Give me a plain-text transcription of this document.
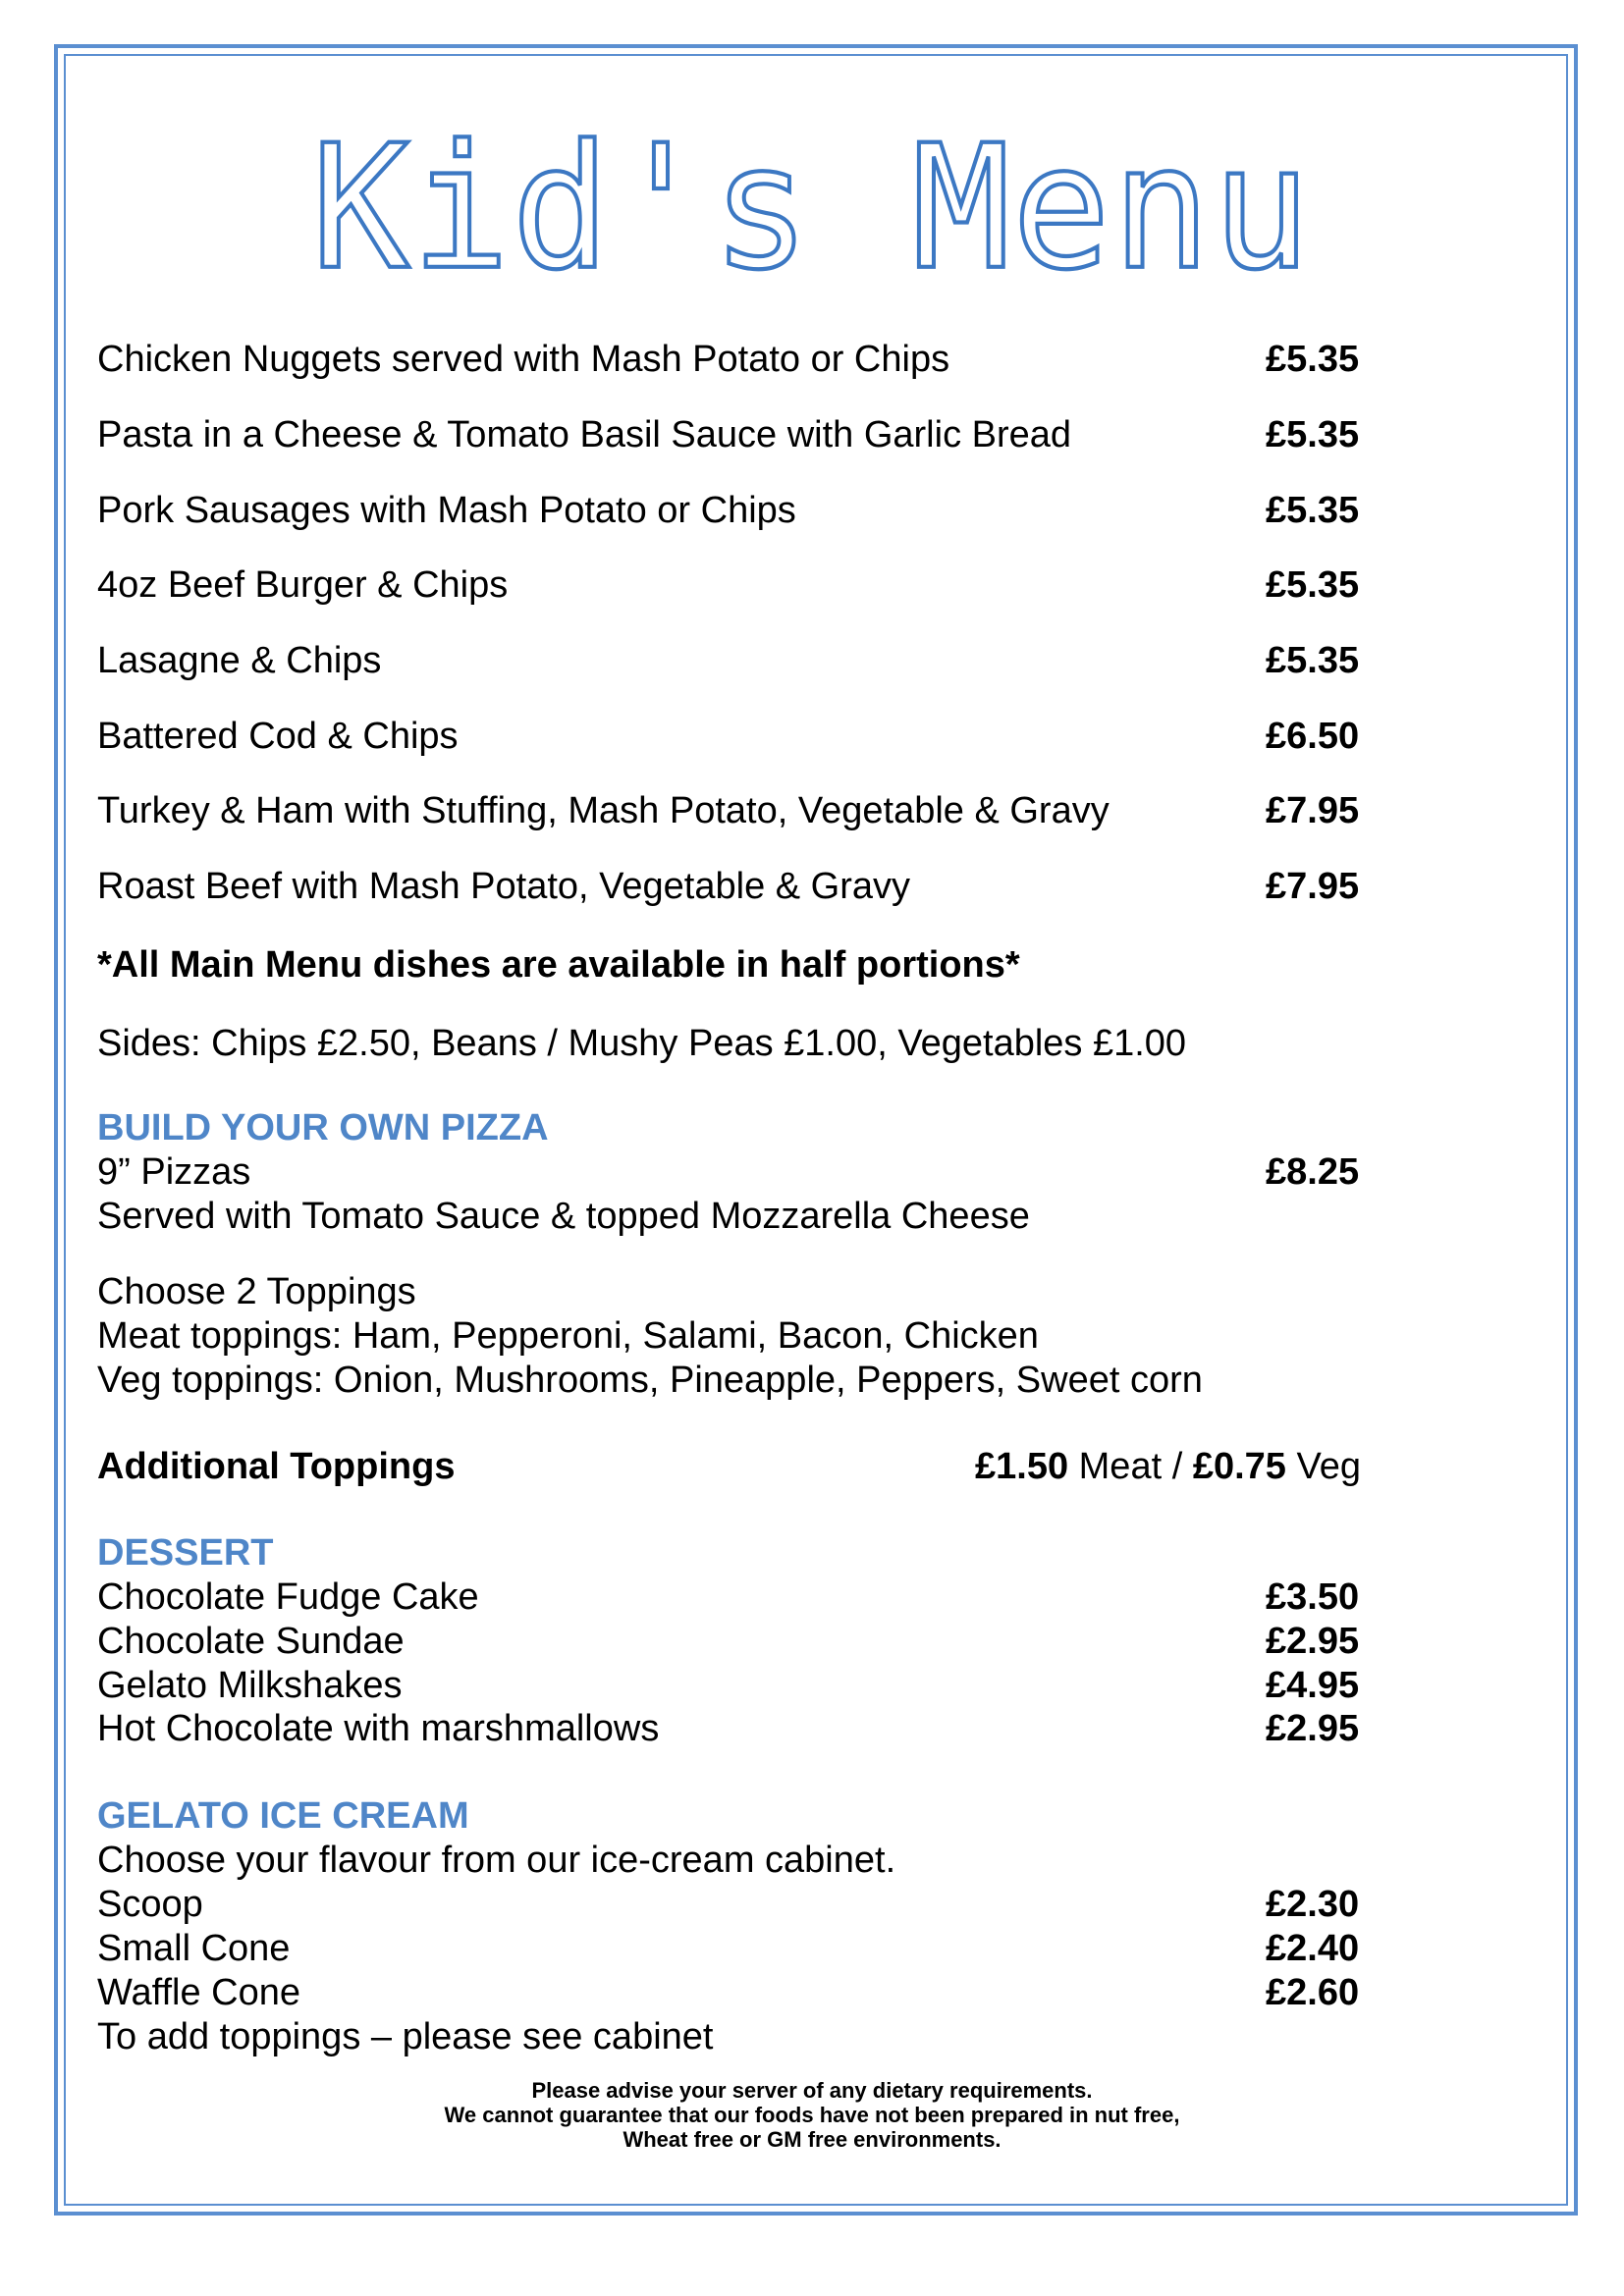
Kid's Menu
Chicken Nuggets served with Mash Potato or Chips	£5.35
Pasta in a Cheese & Tomato Basil Sauce with Garlic Bread	£5.35
Pork Sausages with Mash Potato or Chips	£5.35
4oz Beef Burger & Chips	£5.35
Lasagne & Chips	£5.35
Battered Cod & Chips	£6.50
Turkey & Ham with Stuffing, Mash Potato, Vegetable & Gravy	£7.95
Roast Beef with Mash Potato, Vegetable & Gravy	£7.95
*All Main Menu dishes are available in half portions*
Sides: Chips £2.50, Beans / Mushy Peas £1.00, Vegetables £1.00
BUILD YOUR OWN PIZZA
9” Pizzas	£8.25
Served with Tomato Sauce & topped Mozzarella Cheese
Choose 2 Toppings
Meat toppings: Ham, Pepperoni, Salami, Bacon, Chicken
Veg toppings: Onion, Mushrooms, Pineapple, Peppers, Sweet corn
Additional Toppings	£1.50 Meat / £0.75 Veg
DESSERT
Chocolate Fudge Cake	£3.50
Chocolate Sundae	£2.95
Gelato Milkshakes	£4.95
Hot Chocolate with marshmallows	£2.95
GELATO ICE CREAM
Choose your flavour from our ice-cream cabinet.
Scoop	£2.30
Small Cone	£2.40
Waffle Cone	£2.60
To add toppings – please see cabinet
Please advise your server of any dietary requirements.
We cannot guarantee that our foods have not been prepared in nut free,
Wheat free or GM free environments.
